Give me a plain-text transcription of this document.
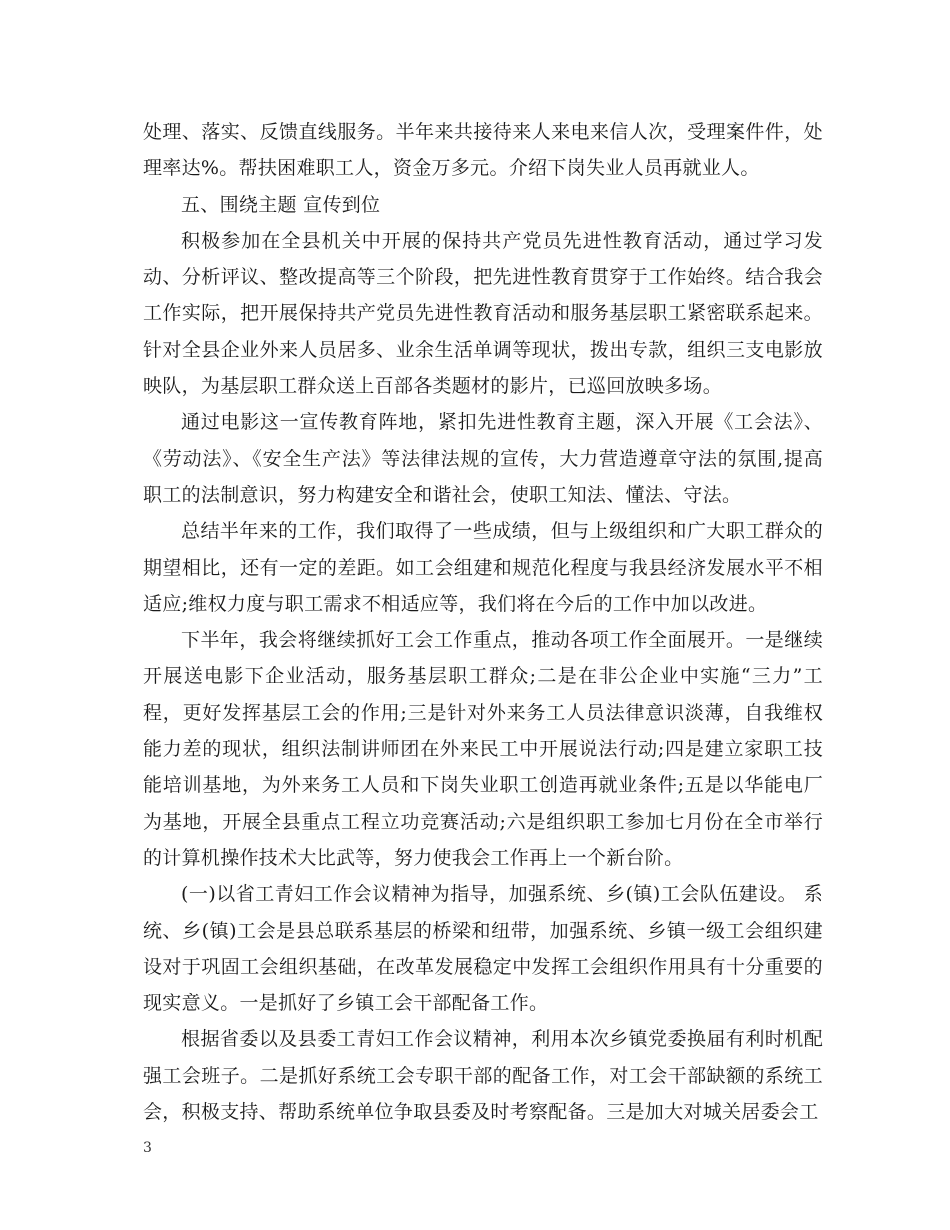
处理、落实、反馈直线服务。半年来共接待来人来电来信人次，受理案件件，处理率达%。帮扶困难职工人，资金万多元。介绍下岗失业人员再就业人。

五、围绕主题 宣传到位

积极参加在全县机关中开展的保持共产党员先进性教育活动，通过学习发动、分析评议、整改提高等三个阶段，把先进性教育贯穿于工作始终。结合我会工作实际，把开展保持共产党员先进性教育活动和服务基层职工紧密联系起来。针对全县企业外来人员居多、业余生活单调等现状，拨出专款，组织三支电影放映队，为基层职工群众送上百部各类题材的影片，已巡回放映多场。

通过电影这一宣传教育阵地，紧扣先进性教育主题，深入开展《工会法》、《劳动法》、《安全生产法》等法律法规的宣传，大力营造遵章守法的氛围,提高职工的法制意识，努力构建安全和谐社会，使职工知法、懂法、守法。

总结半年来的工作，我们取得了一些成绩，但与上级组织和广大职工群众的期望相比，还有一定的差距。如工会组建和规范化程度与我县经济发展水平不相适应;维权力度与职工需求不相适应等，我们将在今后的工作中加以改进。

下半年，我会将继续抓好工会工作重点，推动各项工作全面展开。一是继续开展送电影下企业活动，服务基层职工群众;二是在非公企业中实施“三力”工程，更好发挥基层工会的作用;三是针对外来务工人员法律意识淡薄，自我维权能力差的现状，组织法制讲师团在外来民工中开展说法行动;四是建立家职工技能培训基地，为外来务工人员和下岗失业职工创造再就业条件;五是以华能电厂为基地，开展全县重点工程立功竞赛活动;六是组织职工参加七月份在全市举行的计算机操作技术大比武等，努力使我会工作再上一个新台阶。

(一)以省工青妇工作会议精神为指导，加强系统、乡(镇)工会队伍建设。 系统、乡(镇)工会是县总联系基层的桥梁和纽带，加强系统、乡镇一级工会组织建设对于巩固工会组织基础，在改革发展稳定中发挥工会组织作用具有十分重要的现实意义。一是抓好了乡镇工会干部配备工作。

根据省委以及县委工青妇工作会议精神，利用本次乡镇党委换届有利时机配强工会班子。二是抓好系统工会专职干部的配备工作，对工会干部缺额的系统工会，积极支持、帮助系统单位争取县委及时考察配备。三是加大对城关居委会工

3
